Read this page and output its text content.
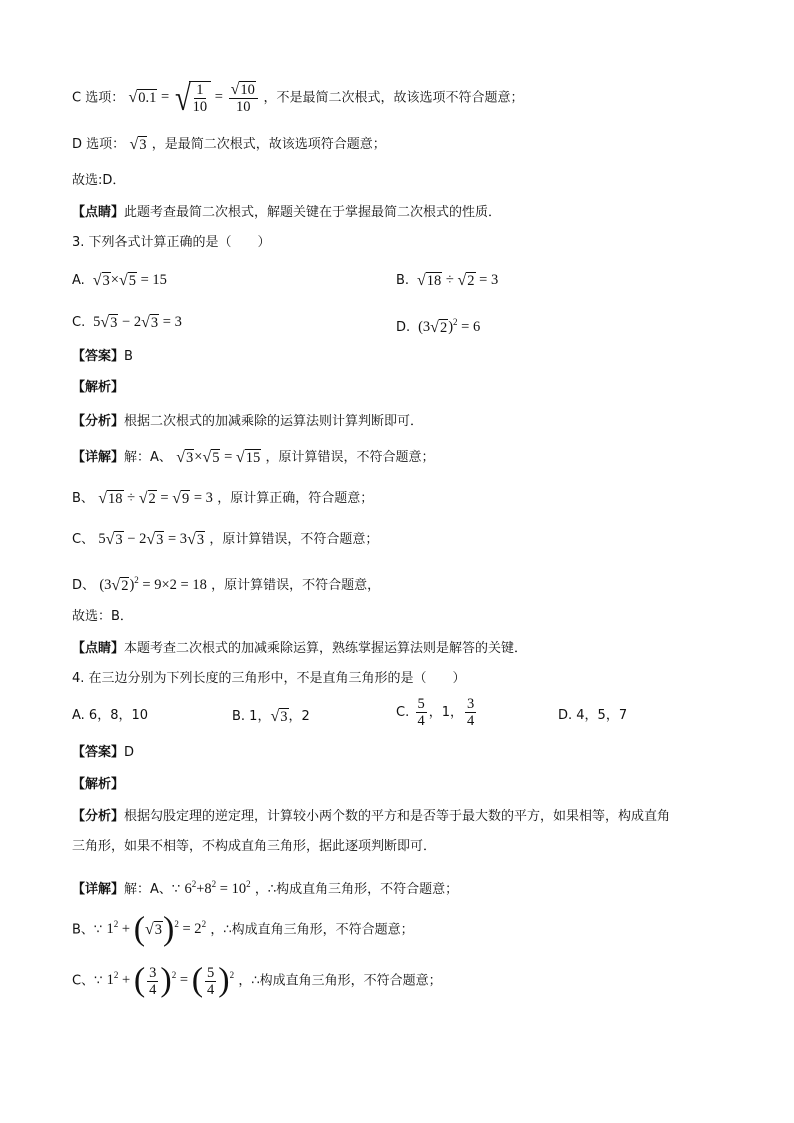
C 选项： √0.1 = √ $\frac{1}{10} = \frac{√10}{10}$ ，不是最简二次根式，故该选项不符合题意；
D 选项： √3 ，是最简二次根式，故该选项符合题意；
故选:D．
【点睛】此题考查最简二次根式，解题关键在于掌握最简二次根式的性质．
3. 下列各式计算正确的是（　　）
A. √3×√5 = 15	B. √18 ÷ √2 = 3
C.  5√3 − 2√3 = 3	D.  $(3√2)^2 = 6$
【答案】B
【解析】
【分析】根据二次根式的加减乘除的运算法则计算判断即可．
【详解】解：A、 √3×√5 = √15 ，原计算错误，不符合题意；
B、 √18 ÷ √2 = √9 = 3 ，原计算正确，符合题意；
C、 5√3 − 2√3 = 3√3 ，原计算错误，不符合题意；
D、 $(3√2)^2 = 9\times 2 = 18$ ，原计算错误，不符合题意，
故选：B．
【点睛】本题考查二次根式的加减乘除运算，熟练掌握运算法则是解答的关键．
4. 在三边分别为下列长度的三角形中，不是直角三角形的是（　　）
A. 6，8，10	B. 1，√3，2	C. $\frac{5}{4}$ ，1， $\frac{3}{4}$	D. 4，5，7
【答案】D
【解析】
【分析】根据勾股定理的逆定理，计算较小两个数的平方和是否等于最大数的平方，如果相等，构成直角
三角形，如果不相等，不构成直角三角形，据此逐项判断即可．
【详解】解：A、∵ $6^2+8^2 = 10^2$ ，∴构成直角三角形，不符合题意；
B、∵ $1^2 + (√3)^2 = 2^2$ ，∴构成直角三角形，不符合题意；
C、∵ $1^2$ + ( $\frac{3}{4} )^2$ = ( $\frac{5}{4} )^2$ ，∴构成直角三角形，不符合题意；
